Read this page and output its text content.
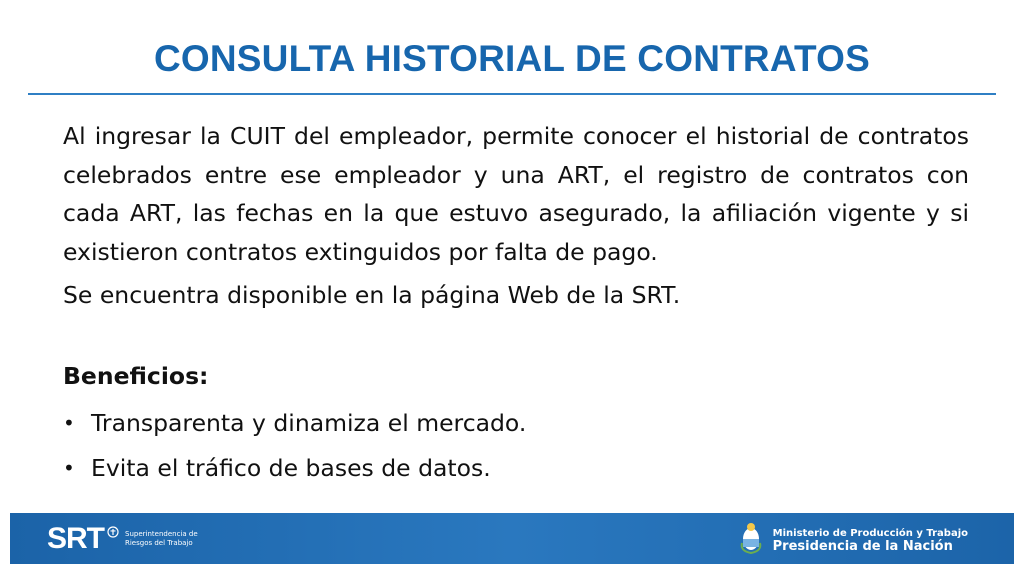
CONSULTA HISTORIAL DE CONTRATOS

Al ingresar la CUIT del empleador, permite conocer el historial de contratos celebrados entre ese empleador y una ART, el registro de contratos con cada ART, las fechas en la que estuvo asegurado, la afiliación vigente y si existieron contratos extinguidos por falta de pago.

Se encuentra disponible en la página Web de la SRT.

Beneficios:
• Transparenta y dinamiza el mercado.
• Evita el tráfico de bases de datos.
SRT	Superintendencia de
Riesgos del Trabajo
Ministerio de Producción y Trabajo
Presidencia de la Nación
